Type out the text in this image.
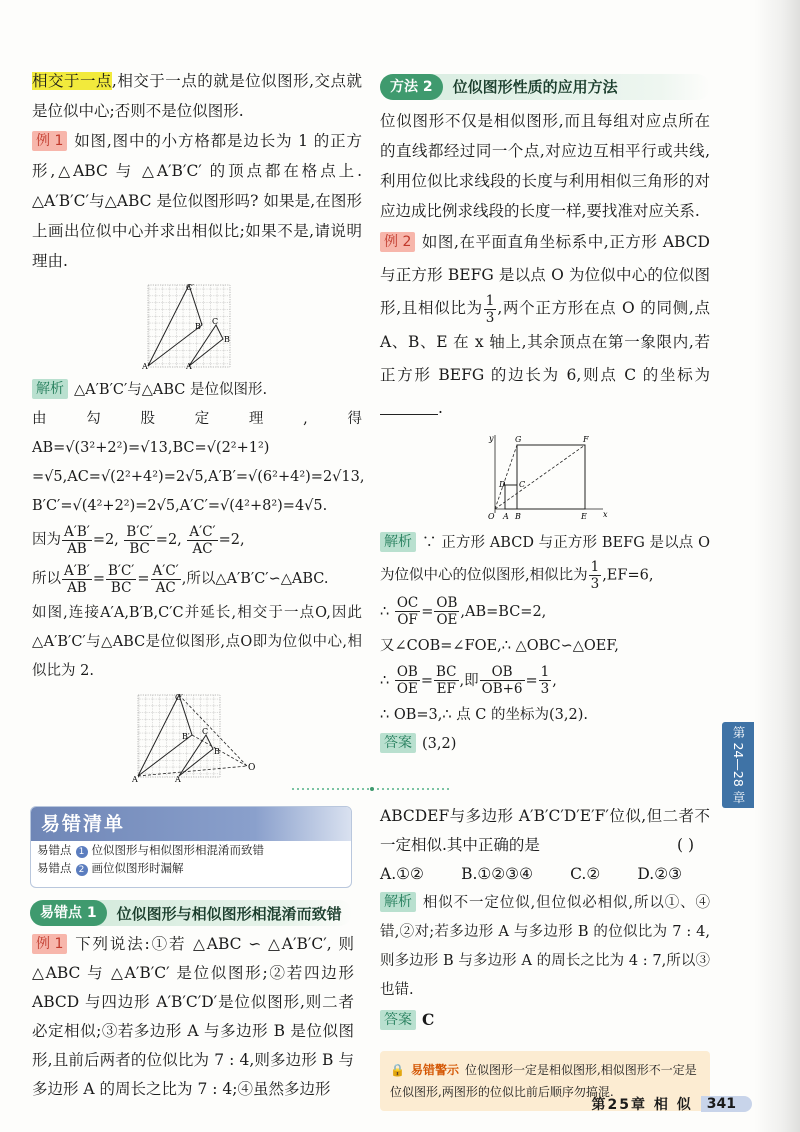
相交于一点,相交于一点的就是位似图形,交点就是位似中心;否则不是位似图形.

例 1 如图,图中的小方格都是边长为 1 的正方形,△ABC 与 △A′B′C′ 的顶点都在格点上. △A′B′C′与△ABC 是位似图形吗? 如果是,在图形上画出位似中心并求出相似比;如果不是,请说明理由.

A′
C′
B′
A
C
B

解析 △A′B′C′与△ABC 是位似图形.

由勾股定理,得 AB=√(3²+2²)=√13,BC=√(2²+1²)

=√5,AC=√(2²+4²)=2√5,A′B′=√(6²+4²)=2√13,

B′C′=√(4²+2²)=2√5,A′C′=√(4²+8²)=4√5.

因为 $\frac{A'B'}{AB} =2$, $\frac{B'C'}{BC} =2$, $\frac{A'C'}{AC} =2$,

所以 $\frac{A'B'}{AB} = \frac{B'C'}{BC} = \frac{A'C'}{AC}$ ,所以△A′B′C′∽△ABC.

如图,连接A′A,B′B,C′C并延长,相交于一点O,因此△A′B′C′与△ABC是位似图形,点O即为位似中心,相似比为 2.

A′
C′
B′
A
C
B
O
方法 2	位似图形性质的应用方法

位似图形不仅是相似图形,而且每组对应点所在的直线都经过同一个点,对应边互相平行或共线,利用位似比求线段的长度与利用相似三角形的对应边成比例求线段的长度一样,要找准对应关系.

例 2 如图,在平面直角坐标系中,正方形 ABCD 与正方形 BEFG 是以点 O 为位似中心的位似图形,且相似比为 $\frac{1}{3}$ ,两个正方形在点 O 的同侧,点 A、B、E 在 x 轴上,其余顶点在第一象限内,若正方形 BEFG 的边长为 6,则点 C 的坐标为.

y
x
O A B	E
G	F
D C

解析 ∵ 正方形 ABCD 与正方形 BEFG 是以点 O 为位似中心的位似图形,相似比为 $\frac{1}{3} ,EF=6$,

∴ $\frac{OC}{OF} = \frac{OB}{OE} ,AB=BC=2$,

又∠COB=∠FOE,∴ △OBC∽△OEF,

∴ $\frac{OB}{OE} = \frac{BC}{EF}$ ,即 $\frac{OB}{OB+6} = \frac{1}{3}$ ,

∴ OB=3,∴ 点 C 的坐标为(3,2).

答案 (3,2)	第 24—28 章
易错清单
易错点 1 位似图形与相似图形相混淆而致错
易错点 2 画位似图形时漏解
易错点 1	位似图形与相似图形相混淆而致错

例 1 下列说法:①若 △ABC ∽ △A′B′C′, 则 △ABC 与 △A′B′C′ 是位似图形;②若四边形 ABCD 与四边形 A′B′C′D′是位似图形,则二者必定相似;③若多边形 A 与多边形 B 是位似图形,且前后两者的位似比为 7 : 4,则多边形 B 与多边形 A 的周长之比为 7 : 4;④虽然多边形

ABCDEF与多边形 A′B′C′D′E′F′位似,但二者不一定相似.其中正确的是	( )

A.①② B.①②③④ C.② D.②③

解析 相似不一定位似,但位似必相似,所以①、④错,②对;若多边形 A 与多边形 B 的位似比为 7 : 4,则多边形 B 与多边形 A 的周长之比为 4 : 7,所以③也错.

答案 C

🔒 易错警示 位似图形一定是相似图形,相似图形不一定是位似图形,两图形的位似比前后顺序勿搞混.
第25章 相 似	341
